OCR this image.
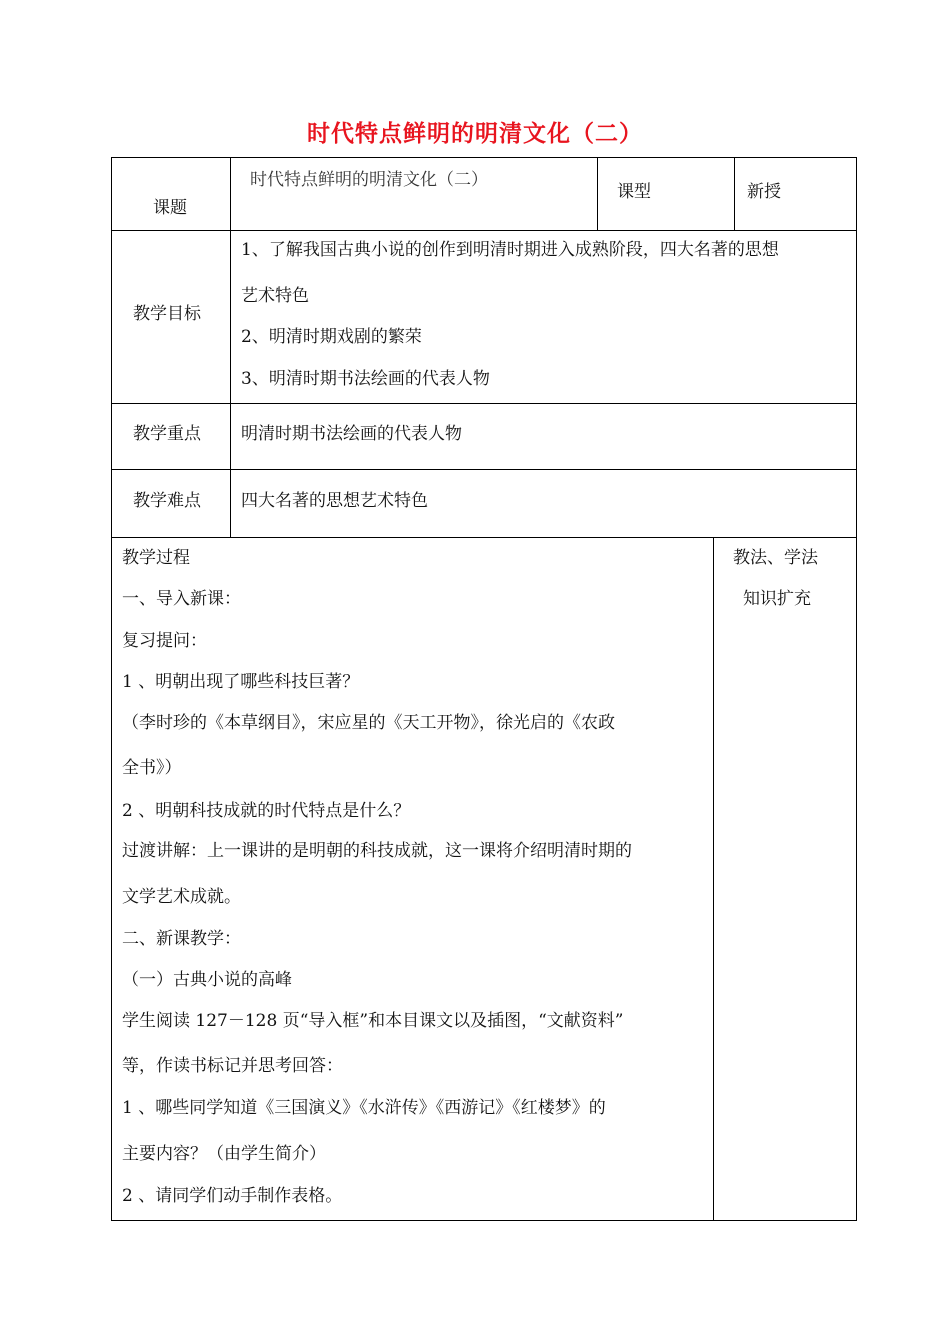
时代特点鲜明的明清文化（二）
课题
时代特点鲜明的明清文化（二）
课型	新授
教学目标
1、了解我国古典小说的创作到明清时期进入成熟阶段，四大名著的思想
艺术特色
2、明清时期戏剧的繁荣
3、明清时期书法绘画的代表人物
教学重点 明清时期书法绘画的代表人物
教学难点 四大名著的思想艺术特色
教法、学法
知识扩充
教学过程
一、导入新课：
复习提问：
1 、明朝出现了哪些科技巨著？
（李时珍的《本草纲目》，宋应星的《天工开物》，徐光启的《农政
全书》）
2 、明朝科技成就的时代特点是什么？
过渡讲解：上一课讲的是明朝的科技成就，这一课将介绍明清时期的
文学艺术成就。
二、新课教学：
（一）古典小说的高峰
学生阅读 127－128 页“导入框”和本目课文以及插图，“文献资料”
等，作读书标记并思考回答：
1 、哪些同学知道《三国演义》《水浒传》《西游记》《红楼梦》的
主要内容？（由学生简介）
2 、请同学们动手制作表格。
